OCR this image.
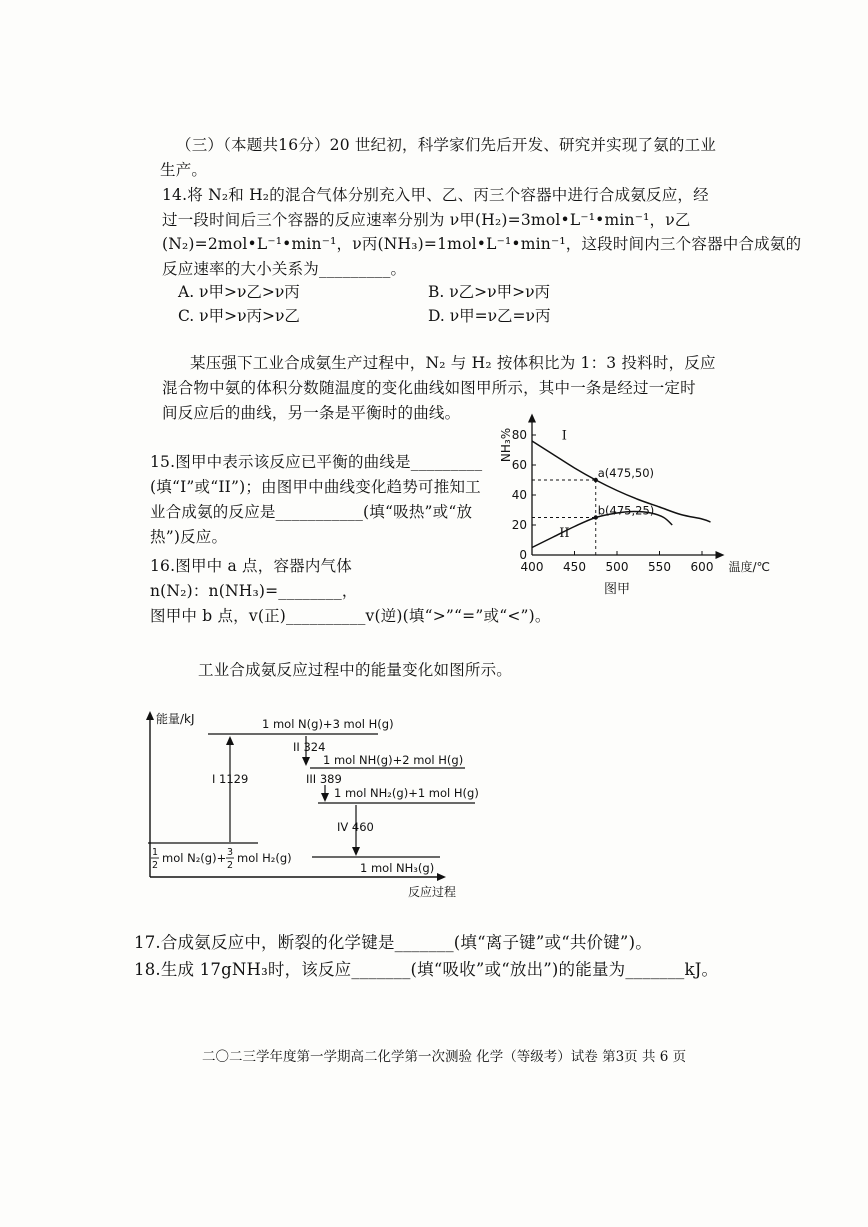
（三）（本题共16分）20 世纪初，科学家们先后开发、研究并实现了氨的工业
生产。
14.将 N₂和 H₂的混合气体分别充入甲、乙、丙三个容器中进行合成氨反应，经
过一段时间后三个容器的反应速率分别为 ν甲(H₂)=3mol•L⁻¹•min⁻¹，ν乙
(N₂)=2mol•L⁻¹•min⁻¹，ν丙(NH₃)=1mol•L⁻¹•min⁻¹，这段时间内三个容器中合成氨的
反应速率的大小关系为_________。
A. ν甲>ν乙>ν丙	B. ν乙>ν甲>ν丙
C. ν甲>ν丙>ν乙	D. ν甲=ν乙=ν丙
某压强下工业合成氨生产过程中，N₂ 与 H₂ 按体积比为 1：3 投料时，反应
混合物中氨的体积分数随温度的变化曲线如图甲所示，其中一条是经过一定时
间反应后的曲线，另一条是平衡时的曲线。
15.图甲中表示该反应已平衡的曲线是_________
(填“I”或“II”)；由图甲中曲线变化趋势可推知工
业合成氨的反应是___________(填“吸热”或“放
热”)反应。
16.图甲中 a 点，容器内气体
n(N₂)：n(NH₃)=________，
图甲中 b 点，v(正)__________v(逆)(填“>”“=”或“<”)。
400 450 500 550 600
0
20
40
60
80
温度/℃
NH₃%	I
II
a(475,50)
b(475,25)
图甲
工业合成氨反应过程中的能量变化如图所示。
能量/kJ
反应过程
1 mol N(g)+3 mol H(g)
1 mol NH(g)+2 mol H(g)
1 mol NH₂(g)+1 mol H(g)
1
2
mol N₂(g)+ 3
2
mol H₂(g)
1 mol NH₃(g)
I 1129
II 324
III 389
IV 460
17.合成氨反应中，断裂的化学键是_______(填“离子键”或“共价键”)。
18.生成 17gNH₃时，该反应_______(填“吸收”或“放出”)的能量为_______kJ。
二〇二三学年度第一学期高二化学第一次测验 化学（等级考）试卷 第3页 共 6 页
